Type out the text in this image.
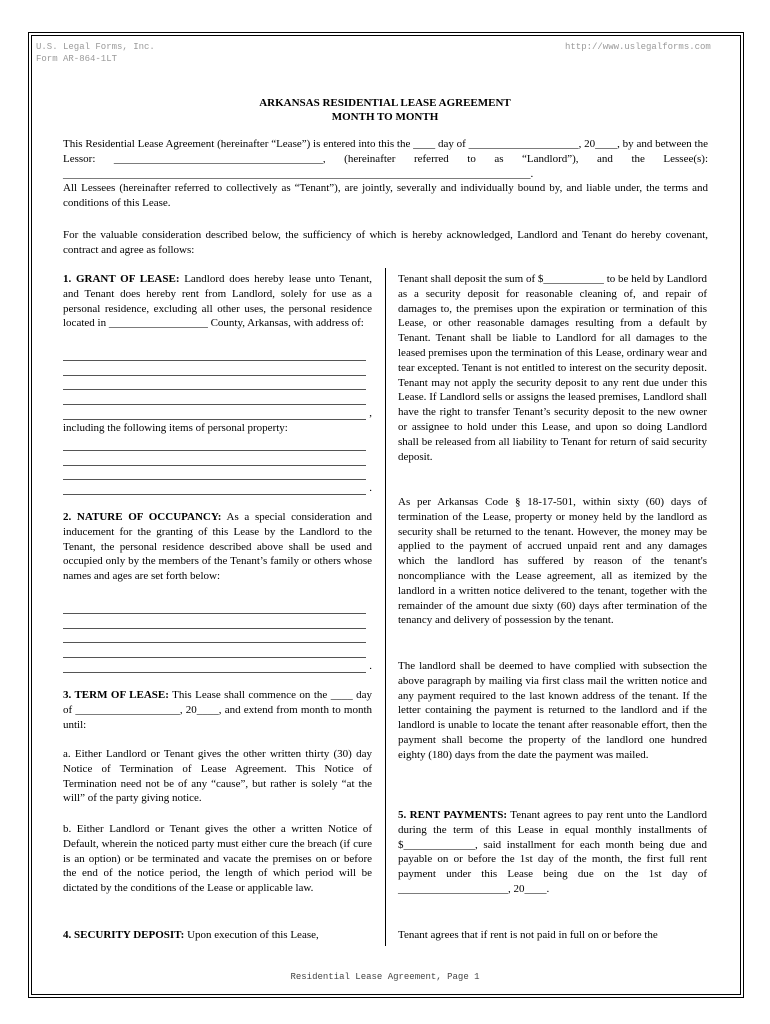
U.S. Legal Forms, Inc.
Form AR-864-1LT
http://www.uslegalforms.com
ARKANSAS RESIDENTIAL LEASE AGREEMENT
MONTH TO MONTH
This Residential Lease Agreement (hereinafter “Lease”) is entered into this the ____ day of ____________________, 20____, by and between the Lessor: ______________________________________, (hereinafter referred to as “Landlord”), and the Lessee(s): _____________________________________________________________________________________.
All Lessees (hereinafter referred to collectively as “Tenant”), are jointly, severally and individually bound by, and liable under, the terms and conditions of this Lease.
For the valuable consideration described below, the sufficiency of which is hereby acknowledged, Landlord and Tenant do hereby covenant, contract and agree as follows:
1. GRANT OF LEASE: Landlord does hereby lease unto Tenant, and Tenant does hereby rent from Landlord, solely for use as a personal residence, excluding all other uses, the personal residence located in __________________ County, Arkansas, with address of:
,
including the following items of personal property:
.
2. NATURE OF OCCUPANCY: As a special consideration and inducement for the granting of this Lease by the Landlord to the Tenant, the personal residence described above shall be used and occupied only by the members of the Tenant’s family or others whose names and ages are set forth below:
.
3. TERM OF LEASE: This Lease shall commence on the ____ day of ___________________, 20____, and extend from month to month until:
a. Either Landlord or Tenant gives the other written thirty (30) day Notice of Termination of Lease Agreement. This Notice of Termination need not be of any “cause”, but rather is solely “at the will” of the party giving notice.
b. Either Landlord or Tenant gives the other a written Notice of Default, wherein the noticed party must either cure the breach (if cure is an option) or be terminated and vacate the premises on or before the end of the notice period, the length of which period will be dictated by the conditions of the Lease or applicable law.
4. SECURITY DEPOSIT: Upon execution of this Lease,
Tenant shall deposit the sum of $___________ to be held by Landlord as a security deposit for reasonable cleaning of, and repair of damages to, the premises upon the expiration or termination of this Lease, or other reasonable damages resulting from a default by Tenant. Tenant shall be liable to Landlord for all damages to the leased premises upon the termination of this Lease, ordinary wear and tear excepted. Tenant is not entitled to interest on the security deposit. Tenant may not apply the security deposit to any rent due under this Lease. If Landlord sells or assigns the leased premises, Landlord shall have the right to transfer Tenant’s security deposit to the new owner or assignee to hold under this Lease, and upon so doing Landlord shall be released from all liability to Tenant for return of said security deposit.
As per Arkansas Code § 18-17-501, within sixty (60) days of termination of the Lease, property or money held by the landlord as security shall be returned to the tenant. However, the money may be applied to the payment of accrued unpaid rent and any damages which the landlord has suffered by reason of the tenant's noncompliance with the Lease agreement, all as itemized by the landlord in a written notice delivered to the tenant, together with the remainder of the amount due sixty (60) days after termination of the tenancy and delivery of possession by the tenant.
The landlord shall be deemed to have complied with subsection the above paragraph by mailing via first class mail the written notice and any payment required to the last known address of the tenant. If the letter containing the payment is returned to the landlord and if the landlord is unable to locate the tenant after reasonable effort, then the payment shall become the property of the landlord one hundred eighty (180) days from the date the payment was mailed.
5. RENT PAYMENTS: Tenant agrees to pay rent unto the Landlord during the term of this Lease in equal monthly installments of $_____________, said installment for each month being due and payable on or before the 1st day of the month, the first full rent payment under this Lease being due on the 1st day of ____________________, 20____.
Tenant agrees that if rent is not paid in full on or before the
Residential Lease Agreement, Page 1
